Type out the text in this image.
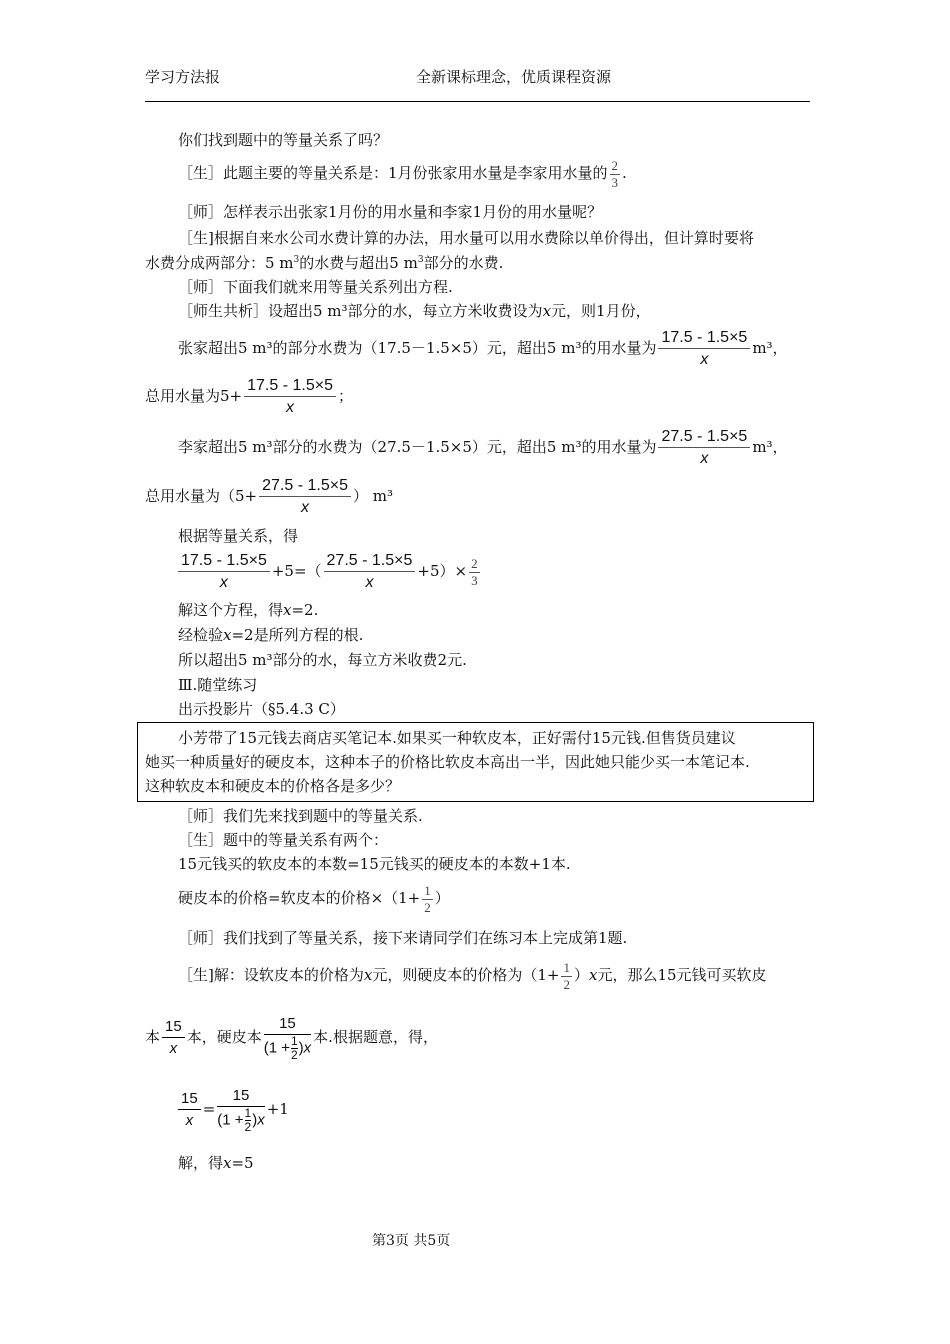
学习方法报	全新课标理念，优质课程资源
你们找到题中的等量关系了吗？
［生］此题主要的等量关系是：1月份张家用水量是李家用水量的 $\frac{2}{3}$ .
［师］怎样表示出张家1月份的用水量和李家1月份的用水量呢？
［生]根据自来水公司水费计算的办法，用水量可以用水费除以单价得出，但计算时要将
水费分成两部分：5 $m^3$的水费与超出5 $m^3$部分的水费.
［师］下面我们就来用等量关系列出方程.
［师生共析］设超出5 m³部分的水，每立方米收费设为x元，则1月份，
张家超出5 m³的部分水费为（17.5－1.5×5）元，超出5 m³的用水量为 $\frac{17.5 - 1.5\times 5}{x} m^3$，
总用水量为$5+ \frac{17.5 - 1.5\times 5}{x}$ ；
李家超出5 m³部分的水费为（27.5－1.5×5）元，超出5 m³的用水量为 $\frac{27.5 - 1.5\times 5}{x} m^3$，
总用水量为（$5+ \frac{27.5 - 1.5\times 5}{x}$ ） m³
根据等量关系，得
$\frac{17.5 - 1.5\times 5}{x} +5=( \frac{27.5 - 1.5\times 5}{x} +5)\times \frac{2}{3}$
解这个方程，得x=2.
经检验x=2是所列方程的根.
所以超出5 m³部分的水，每立方米收费2元.
Ⅲ.随堂练习
出示投影片（§5.4.3 C）
小芳带了15元钱去商店买笔记本.如果买一种软皮本，正好需付15元钱.但售货员建议
她买一种质量好的硬皮本，这种本子的价格比软皮本高出一半，因此她只能少买一本笔记本.
这种软皮本和硬皮本的价格各是多少？
［师］我们先来找到题中的等量关系.
［生］题中的等量关系有两个：
15元钱买的软皮本的本数=15元钱买的硬皮本的本数+1本.
硬皮本的价格=软皮本的价格$\times(1+ \frac{1}{2}$ ）
［师］我们找到了等量关系，接下来请同学们在练习本上完成第1题.
［生]解：设软皮本的价格为x元，则硬皮本的价格为$(1+ \frac{1}{2} )x$元，那么15元钱可买软皮
本 $\frac{15}{x}$ 本，硬皮本 $\frac{15}{(1 + \frac{1}{2} )x}$ 本.根据题意，得，
$\frac{15}{x} = \frac{15}{(1 + \frac{1}{2} )x} +1$
解，得x=5
第3页 共5页
